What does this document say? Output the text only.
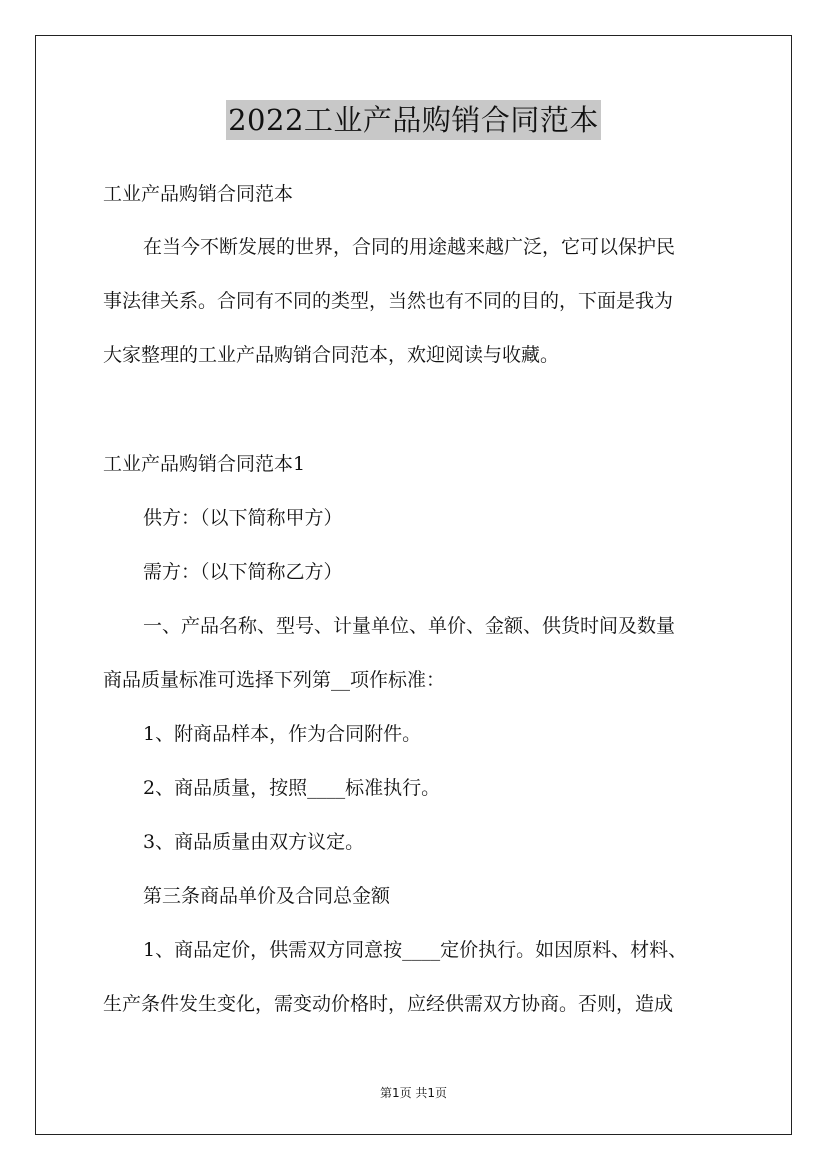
2022工业产品购销合同范本
工业产品购销合同范本
在当今不断发展的世界，合同的用途越来越广泛，它可以保护民
事法律关系。合同有不同的类型，当然也有不同的目的，下面是我为
大家整理的工业产品购销合同范本，欢迎阅读与收藏。
工业产品购销合同范本1
供方：（以下简称甲方）
需方：（以下简称乙方）
一、产品名称、型号、计量单位、单价、金额、供货时间及数量
商品质量标准可选择下列第__项作标准：
1、附商品样本，作为合同附件。
2、商品质量，按照____标准执行。
3、商品质量由双方议定。
第三条商品单价及合同总金额
1、商品定价，供需双方同意按____定价执行。如因原料、材料、
生产条件发生变化，需变动价格时，应经供需双方协商。否则，造成
第1页 共1页
